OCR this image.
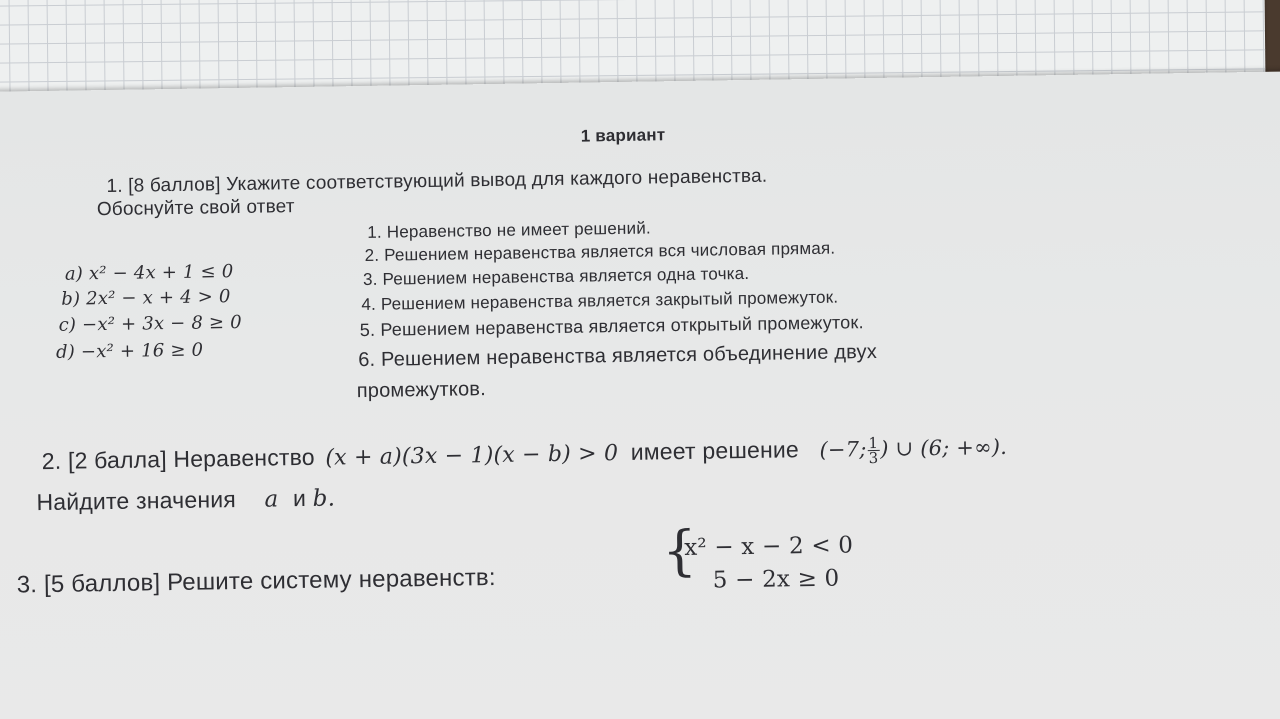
1 вариант
1. [8 баллов] Укажите соответствующий вывод для каждого неравенства.
Обоснуйте свой ответ
a) x² − 4x + 1 ≤ 0
b) 2x² − x + 4 > 0
c) −x² + 3x − 8 ≥ 0
d) −x² + 16 ≥ 0
1. Неравенство не имеет решений.
2. Решением неравенства является вся числовая прямая.
3. Решением неравенства является одна точка.
4. Решением неравенства является закрытый промежуток.
5. Решением неравенства является открытый промежуток.
6. Решением неравенства является объединение двух
промежутков.
2. [2 балла] Неравенство (x + a)(3x − 1)(x − b) > 0 имеет решение (−7; $\frac{1}{3}$ ) ∪ (6; +∞).
Найдите значения a и b.
3. [5 баллов] Решите систему неравенств:	{
x² − x − 2 < 0
5 − 2x ≥ 0
